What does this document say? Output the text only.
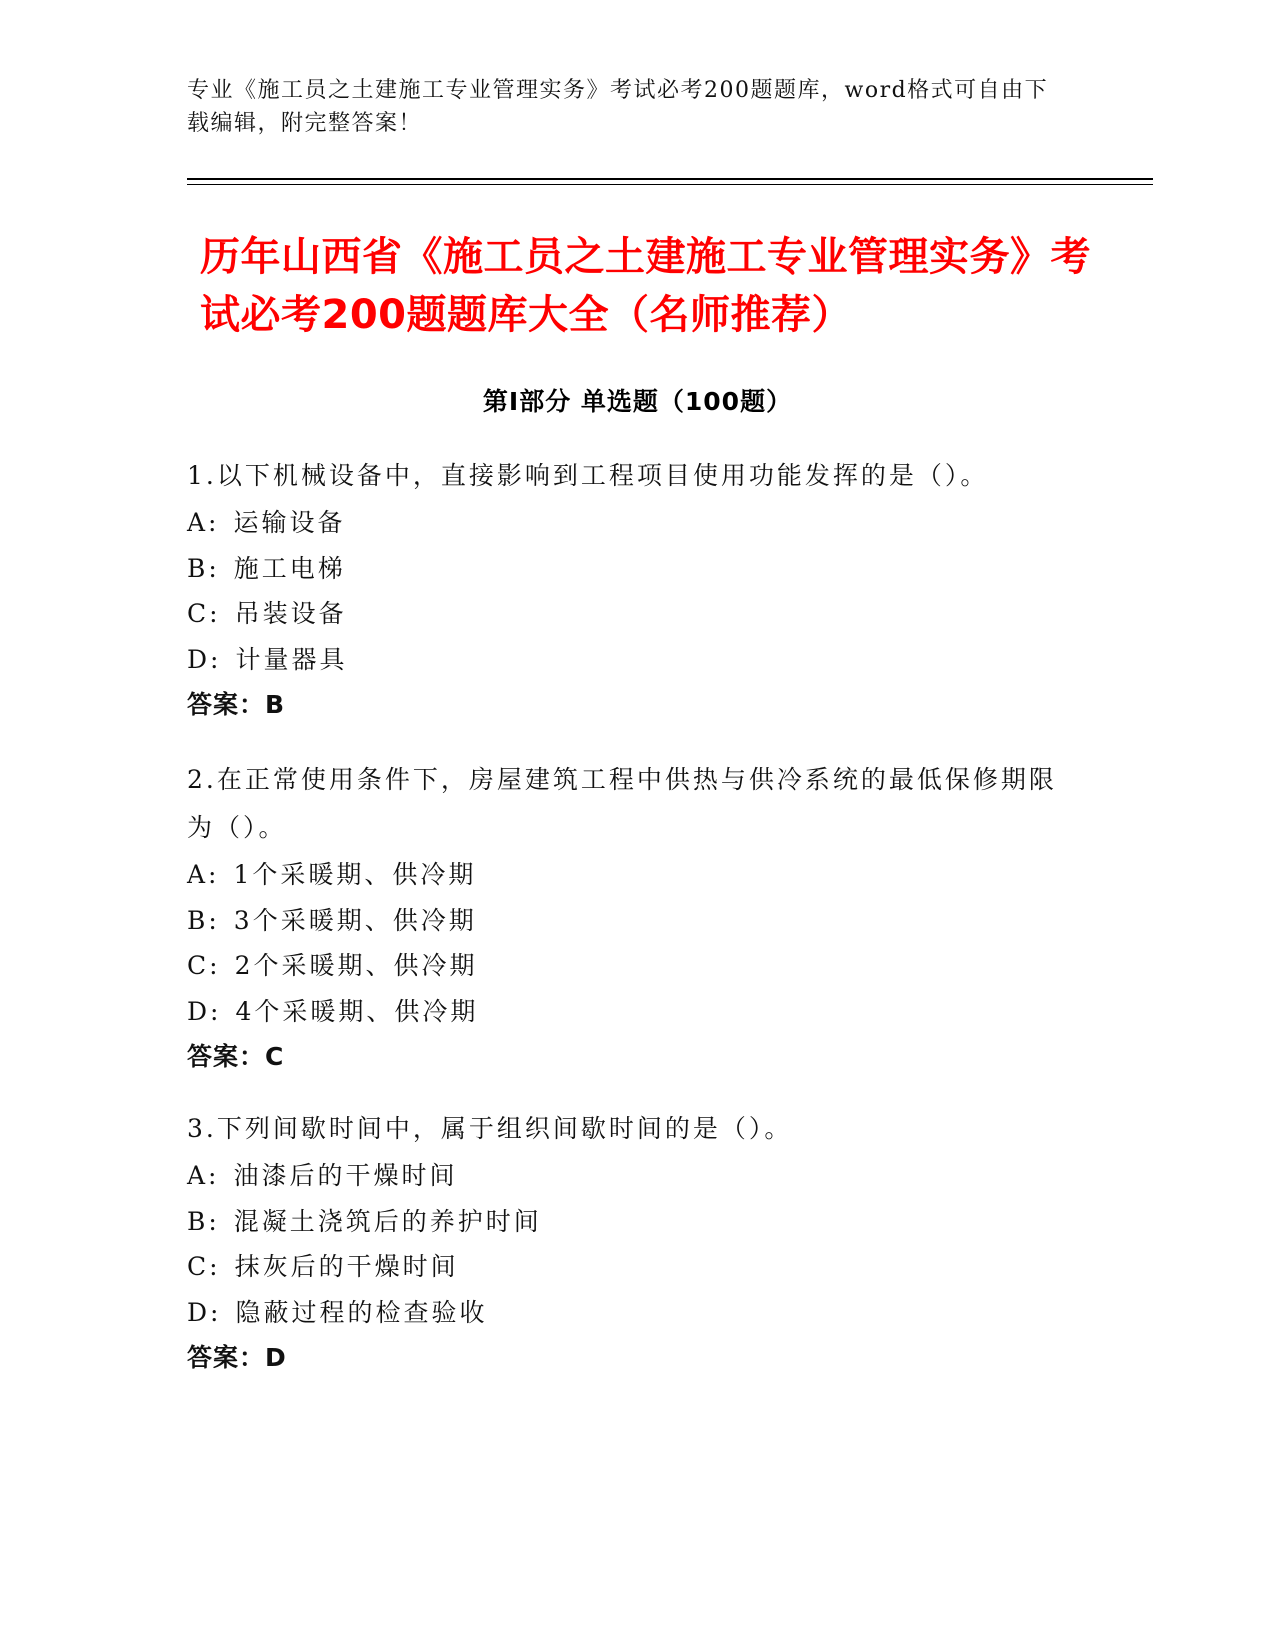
专业《施工员之土建施工专业管理实务》考试必考200题题库，word格式可自由下载编辑，附完整答案！
历年山西省《施工员之土建施工专业管理实务》考试必考200题题库大全（名师推荐）
第I部分 单选题（100题）

1.以下机械设备中，直接影响到工程项目使用功能发挥的是（）。

A: 运输设备

B: 施工电梯

C: 吊装设备

D: 计量器具

答案：B

2.在正常使用条件下，房屋建筑工程中供热与供冷系统的最低保修期限为（）。

A: 1个采暖期、供冷期

B: 3个采暖期、供冷期

C: 2个采暖期、供冷期

D: 4个采暖期、供冷期

答案：C

3.下列间歇时间中，属于组织间歇时间的是（）。

A: 油漆后的干燥时间

B: 混凝土浇筑后的养护时间

C: 抹灰后的干燥时间

D: 隐蔽过程的检查验收

答案：D
